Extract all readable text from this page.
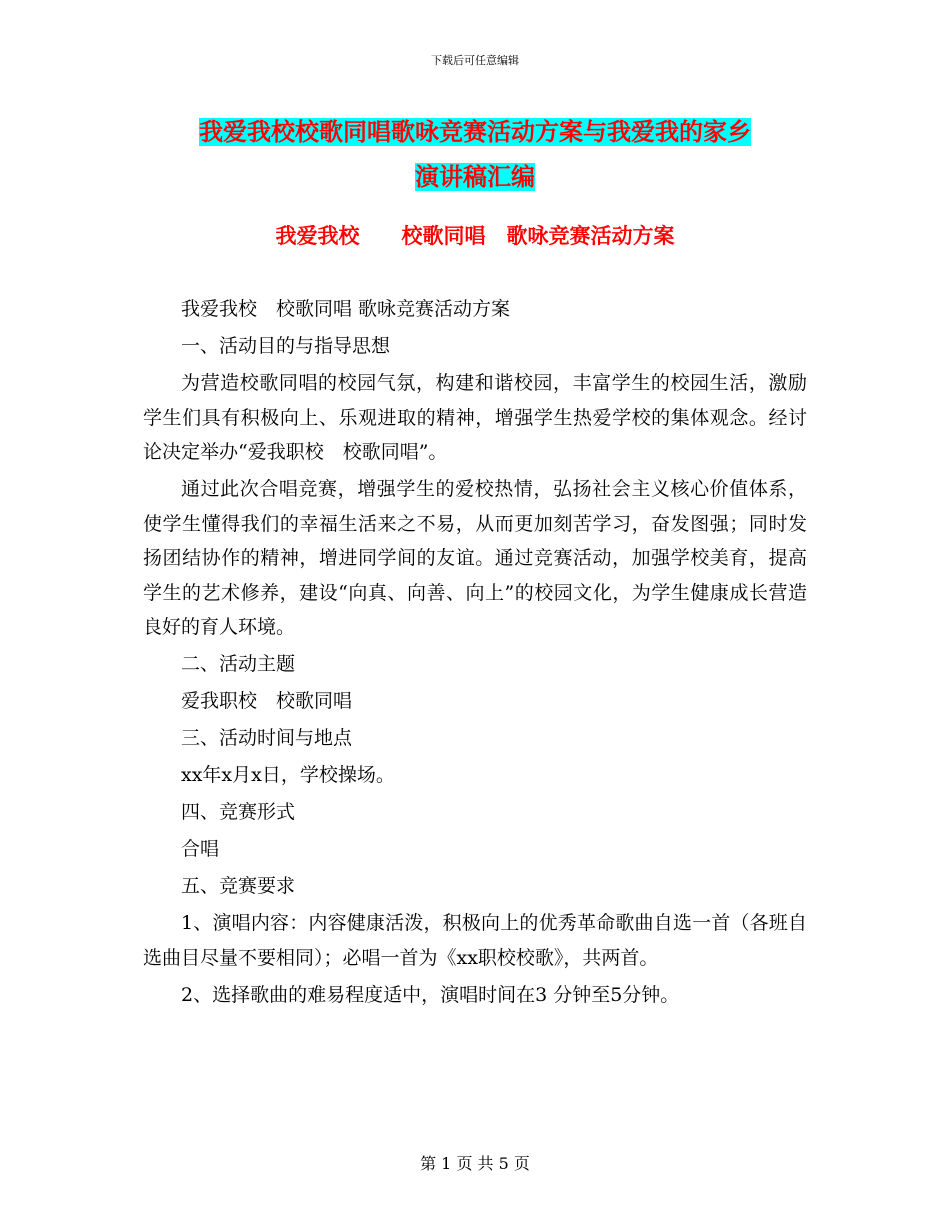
下载后可任意编辑
我爱我校校歌同唱歌咏竞赛活动方案与我爱我的家乡
演讲稿汇编
我爱我校　　校歌同唱　歌咏竞赛活动方案

我爱我校　校歌同唱 歌咏竞赛活动方案

一、活动目的与指导思想

为营造校歌同唱的校园气氛，构建和谐校园，丰富学生的校园生活，激励学生们具有积极向上、乐观进取的精神，增强学生热爱学校的集体观念。经讨论决定举办“爱我职校　校歌同唱”。

通过此次合唱竞赛，增强学生的爱校热情，弘扬社会主义核心价值体系，使学生懂得我们的幸福生活来之不易，从而更加刻苦学习，奋发图强；同时发扬团结协作的精神，增进同学间的友谊。通过竞赛活动，加强学校美育，提高学生的艺术修养，建设“向真、向善、向上”的校园文化，为学生健康成长营造良好的育人环境。

二、活动主题

爱我职校　校歌同唱

三、活动时间与地点

xx年x月x日，学校操场。

四、竞赛形式

合唱

五、竞赛要求

1、演唱内容：内容健康活泼，积极向上的优秀革命歌曲自选一首（各班自选曲目尽量不要相同）；必唱一首为《xx职校校歌》，共两首。

2、选择歌曲的难易程度适中，演唱时间在3 分钟至5分钟。

第 1 页 共 5 页
